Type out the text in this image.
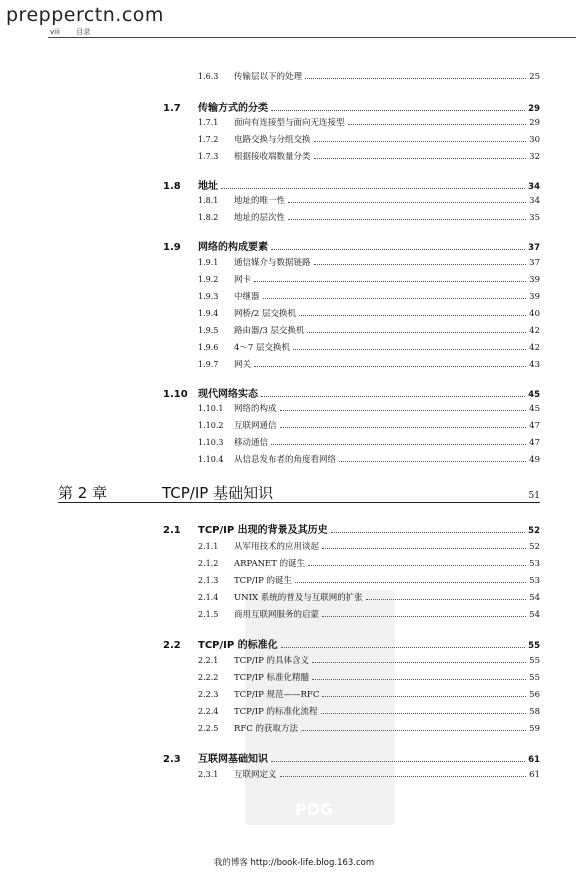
prepperctn.com
viii 目录
PDG
1.6.3	传输层以下的处理	25
1.7	传输方式的分类	29
1.7.1	面向有连接型与面向无连接型	29
1.7.2	电路交换与分组交换	30
1.7.3	根据接收端数量分类	32
1.8	地址	34
1.8.1	地址的唯一性	34
1.8.2	地址的层次性	35
1.9	网络的构成要素	37
1.9.1	通信媒介与数据链路	37
1.9.2	网卡	39
1.9.3	中继器	39
1.9.4	网桥/2 层交换机	40
1.9.5	路由器/3 层交换机	42
1.9.6	4～7 层交换机	42
1.9.7	网关	43
1.10	现代网络实态	45
1.10.1	网络的构成	45
1.10.2	互联网通信	47
1.10.3	移动通信	47
1.10.4	从信息发布者的角度看网络	49
第 2 章	TCP/IP 基础知识	51
2.1	TCP/IP 出现的背景及其历史	52
2.1.1	从军用技术的应用谈起	52
2.1.2	ARPANET 的诞生	53
2.1.3	TCP/IP 的诞生	53
2.1.4	UNIX 系统的普及与互联网的扩张	54
2.1.5	商用互联网服务的启蒙	54
2.2	TCP/IP 的标准化	55
2.2.1	TCP/IP 的具体含义	55
2.2.2	TCP/IP 标准化精髓	55
2.2.3	TCP/IP 规范——RFC	56
2.2.4	TCP/IP 的标准化流程	58
2.2.5	RFC 的获取方法	59
2.3	互联网基础知识	61
2.3.1	互联网定义	61
我的博客 http://book-life.blog.163.com
